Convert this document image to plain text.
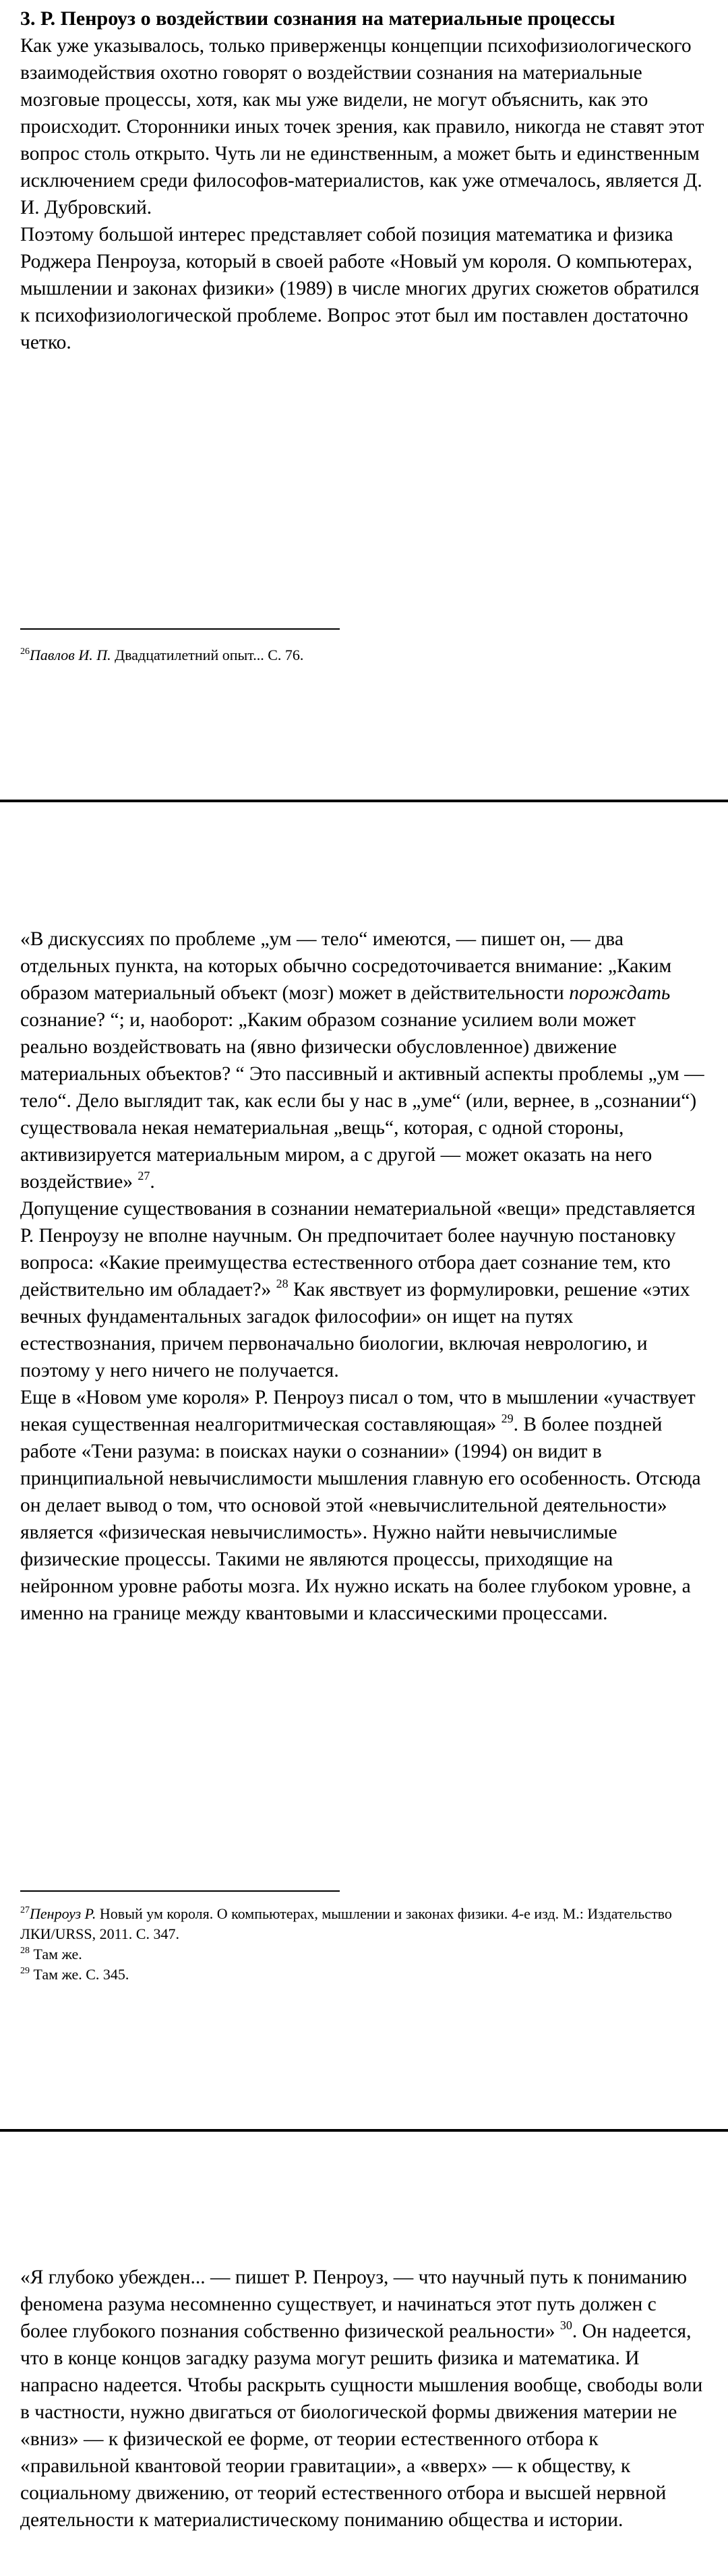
3. Р. Пенроуз о воздействии сознания на материальные процессы

Как уже указывалось, только приверженцы концепции психофизиологического взаимодействия охотно говорят о воздействии сознания на материальные мозговые процессы, хотя, как мы уже видели, не могут объяснить, как это происходит. Сторонники иных точек зрения, как правило, никогда не ставят этот вопрос столь открыто. Чуть ли не единственным, а может быть и единственным исключением среди философов-материалистов, как уже отмечалось, является Д. И. Дубровский.

Поэтому большой интерес представляет собой позиция математика и физика Роджера Пенроуза, который в своей работе «Новый ум короля. О компьютерах, мышлении и законах физики» (1989) в числе многих других сюжетов обратился к психофизиологической проблеме. Вопрос этот был им поставлен достаточно четко.

$^{26}$Павлов И. П. Двадцатилетний опыт... С. 76.

«В дискуссиях по проблеме „ум — тело“ имеются, — пишет он, — два отдельных пункта, на которых обычно сосредоточивается внимание: „Каким образом материальный объект (мозг) может в действительности порождать сознание? “; и, наоборот: „Каким образом сознание усилием воли может реально воздействовать на (явно физически обусловленное) движение материальных объектов? “ Это пассивный и активный аспекты проблемы „ум — тело“. Дело выглядит так, как если бы у нас в „уме“ (или, вернее, в „сознании“) существовала некая нематериальная „вещь“, которая, с одной стороны, активизируется материальным миром, а с другой — может оказать на него воздействие» $^{27}$.

Допущение существования в сознании нематериальной «вещи» представляется Р. Пенроузу не вполне научным. Он предпочитает более научную постановку вопроса: «Какие преимущества естественного отбора дает сознание тем, кто действительно им обладает?» $^{28}$ Как явствует из формулировки, решение «этих вечных фундаментальных загадок философии» он ищет на путях естествознания, причем первоначально биологии, включая неврологию, и поэтому у него ничего не получается.

Еще в «Новом уме короля» Р. Пенроуз писал о том, что в мышлении «участвует некая существенная неалгоритмическая составляющая» $^{29}$. В более поздней работе «Тени разума: в поисках науки о сознании» (1994) он видит в принципиальной невычислимости мышления главную его особенность. Отсюда он делает вывод о том, что основой этой «невычислительной деятельности» является «физическая невычислимость». Нужно найти невычислимые физические процессы. Такими не являются процессы, приходящие на нейронном уровне работы мозга. Их нужно искать на более глубоком уровне, а именно на границе между квантовыми и классическими процессами.

$^{27}$Пенроуз Р. Новый ум короля. О компьютерах, мышлении и законах физики. 4-е изд. М.: Издательство ЛКИ/URSS, 2011. С. 347.
$^{28}$ Там же.
$^{29}$ Там же. С. 345.

«Я глубоко убежден... — пишет Р. Пенроуз, — что научный путь к пониманию феномена разума несомненно существует, и начинаться этот путь должен с более глубокого познания собственно физической реальности» $^{30}$. Он надеется, что в конце концов загадку разума могут решить физика и математика. И напрасно надеется. Чтобы раскрыть сущности мышления вообще, свободы воли в частности, нужно двигаться от биологической формы движения материи не «вниз» — к физической ее форме, от теории естественного отбора к «правильной квантовой теории гравитации», а «вверх» — к обществу, к социальному движению, от теорий естественного отбора и высшей нервной деятельности к материалистическому пониманию общества и истории.
